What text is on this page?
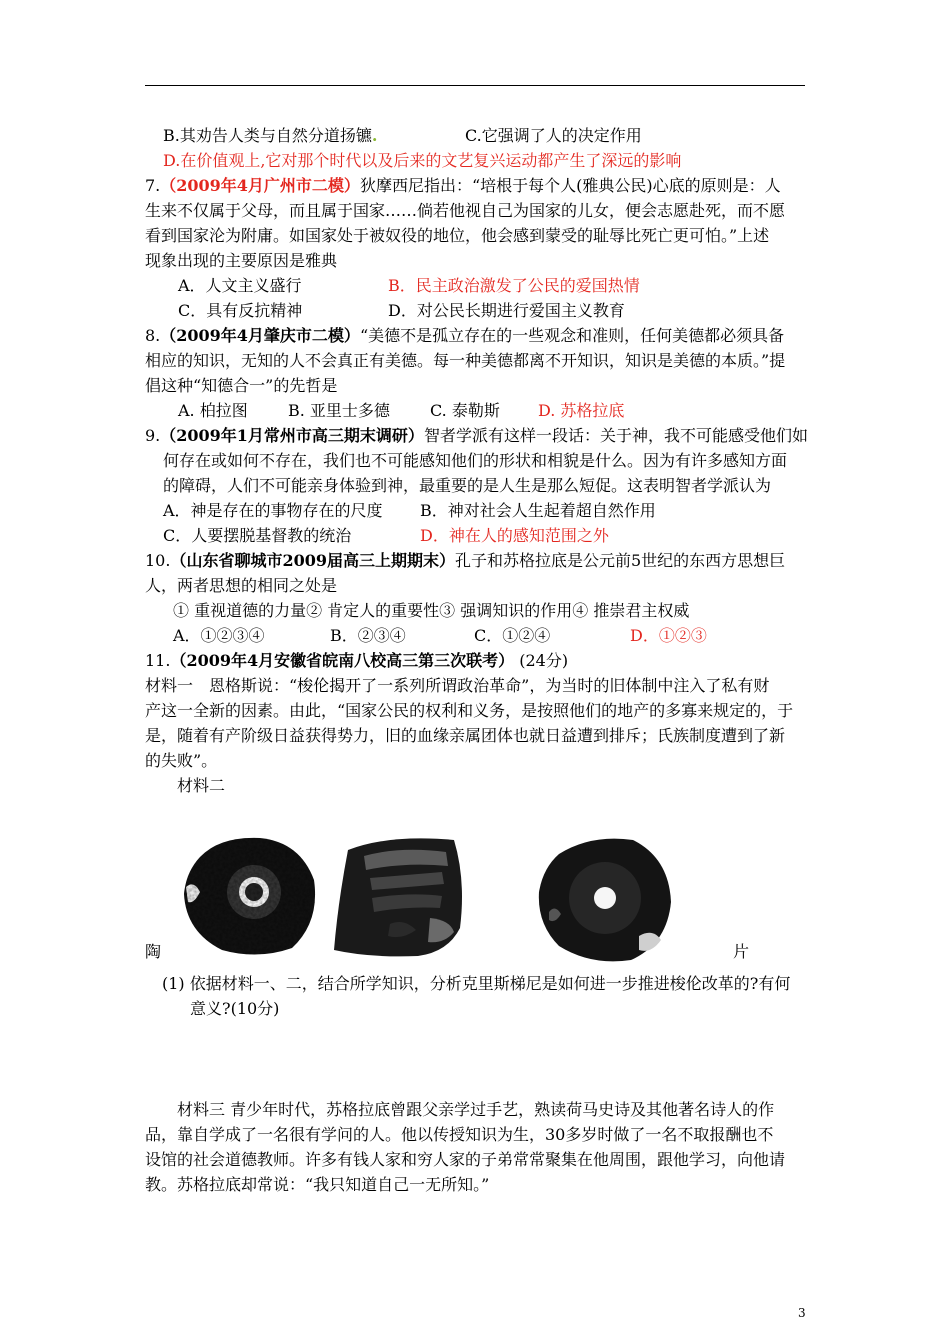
B.其劝告人类与自然分道扬镳.	C.它强调了人的决定作用
D.在价值观上,它对那个时代以及后来的文艺复兴运动都产生了深远的影响
7.（2009年4月广州市二模）狄摩西尼指出：“培根于每个人(雅典公民)心底的原则是：人
生来不仅属于父母，而且属于国家……倘若他视自己为国家的儿女，便会志愿赴死，而不愿
看到国家沦为附庸。如国家处于被奴役的地位，他会感到蒙受的耻辱比死亡更可怕。”上述
现象出现的主要原因是雅典
A．人文主义盛行	B．民主政治激发了公民的爱国热情
C．具有反抗精神	D．对公民长期进行爱国主义教育
8.（2009年4月肇庆市二模）“美德不是孤立存在的一些观念和准则，任何美德都必须具备
相应的知识，无知的人不会真正有美德。每一种美德都离不开知识，知识是美德的本质。”提
倡这种“知德合一”的先哲是
A. 柏拉图	B. 亚里士多德	C. 泰勒斯 D. 苏格拉底
9.（2009年1月常州市高三期末调研）智者学派有这样一段话：关于神，我不可能感受他们如
何存在或如何不存在，我们也不可能感知他们的形状和相貌是什么。因为有许多感知方面
的障碍，人们不可能亲身体验到神，最重要的是人生是那么短促。这表明智者学派认为
A．神是存在的事物存在的尺度 B．神对社会人生起着超自然作用
C．人要摆脱基督教的统治	D．神在人的感知范围之外
10.（山东省聊城市2009届高三上期期末）孔子和苏格拉底是公元前5世纪的东西方思想巨
人，两者思想的相同之处是
① 重视道德的力量② 肯定人的重要性③ 强调知识的作用④ 推崇君主权威
A．①②③④	B．②③④	C．①②④	D．①②③
11.（2009年4月安徽省皖南八校高三第三次联考） (24分)
材料一　恩格斯说：“梭伦揭开了一系列所谓政治革命”，为当时的旧体制中注入了私有财
产这一全新的因素。由此，“国家公民的权利和义务，是按照他们的地产的多寡来规定的，于
是，随着有产阶级日益获得势力，旧的血缘亲属团体也就日益遭到排斥；氏族制度遭到了新
的失败”。
材料二
陶	片
(1) 依据材料一、二，结合所学知识，分析克里斯梯尼是如何进一步推进梭伦改革的?有何
意义?(10分)
材料三 青少年时代，苏格拉底曾跟父亲学过手艺，熟读荷马史诗及其他著名诗人的作
品，靠自学成了一名很有学问的人。他以传授知识为生，30多岁时做了一名不取报酬也不
设馆的社会道德教师。许多有钱人家和穷人家的子弟常常聚集在他周围，跟他学习，向他请
教。苏格拉底却常说：“我只知道自己一无所知。”
3
